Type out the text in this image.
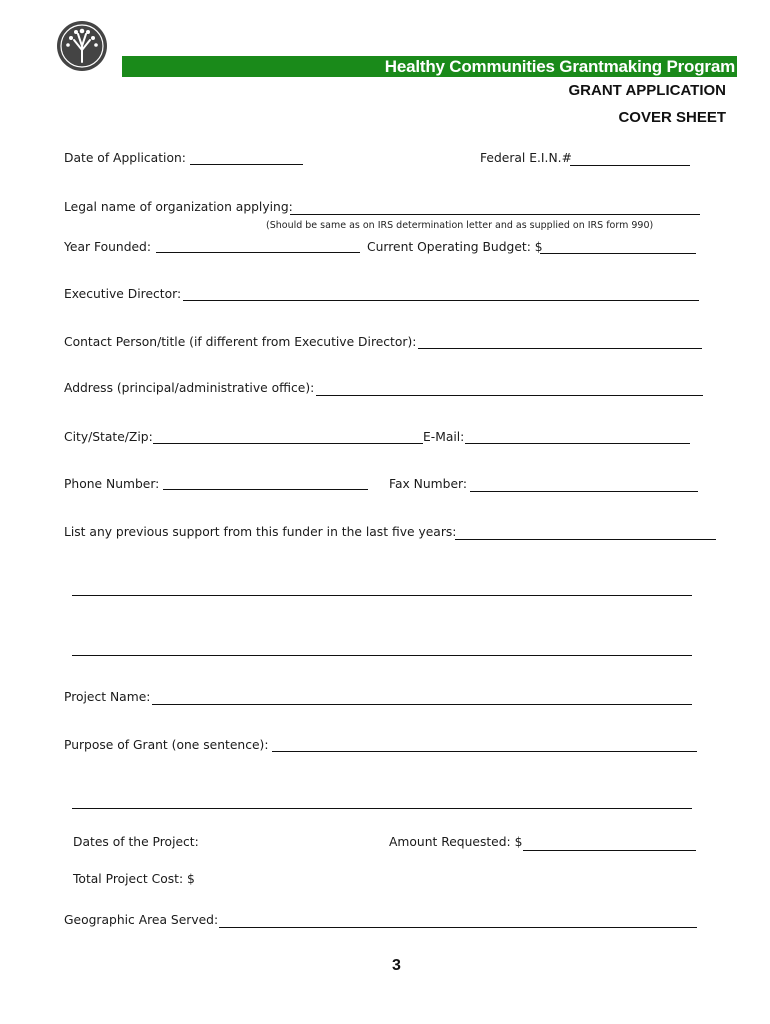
Healthy Communities Grantmaking Program
GRANT APPLICATION
COVER SHEET
Date of Application:	Federal E.I.N.#
Legal name of organization applying:
(Should be same as on IRS determination letter and as supplied on IRS form 990)
Year Founded:	Current Operating Budget: $
Executive Director:
Contact Person/title (if different from Executive Director):
Address (principal/administrative office):
City/State/Zip:	E-Mail:
Phone Number:	Fax Number:
List any previous support from this funder in the last five years:
Project Name:
Purpose of Grant (one sentence):
Dates of the Project:	Amount Requested: $
Total Project Cost: $
Geographic Area Served:
3
